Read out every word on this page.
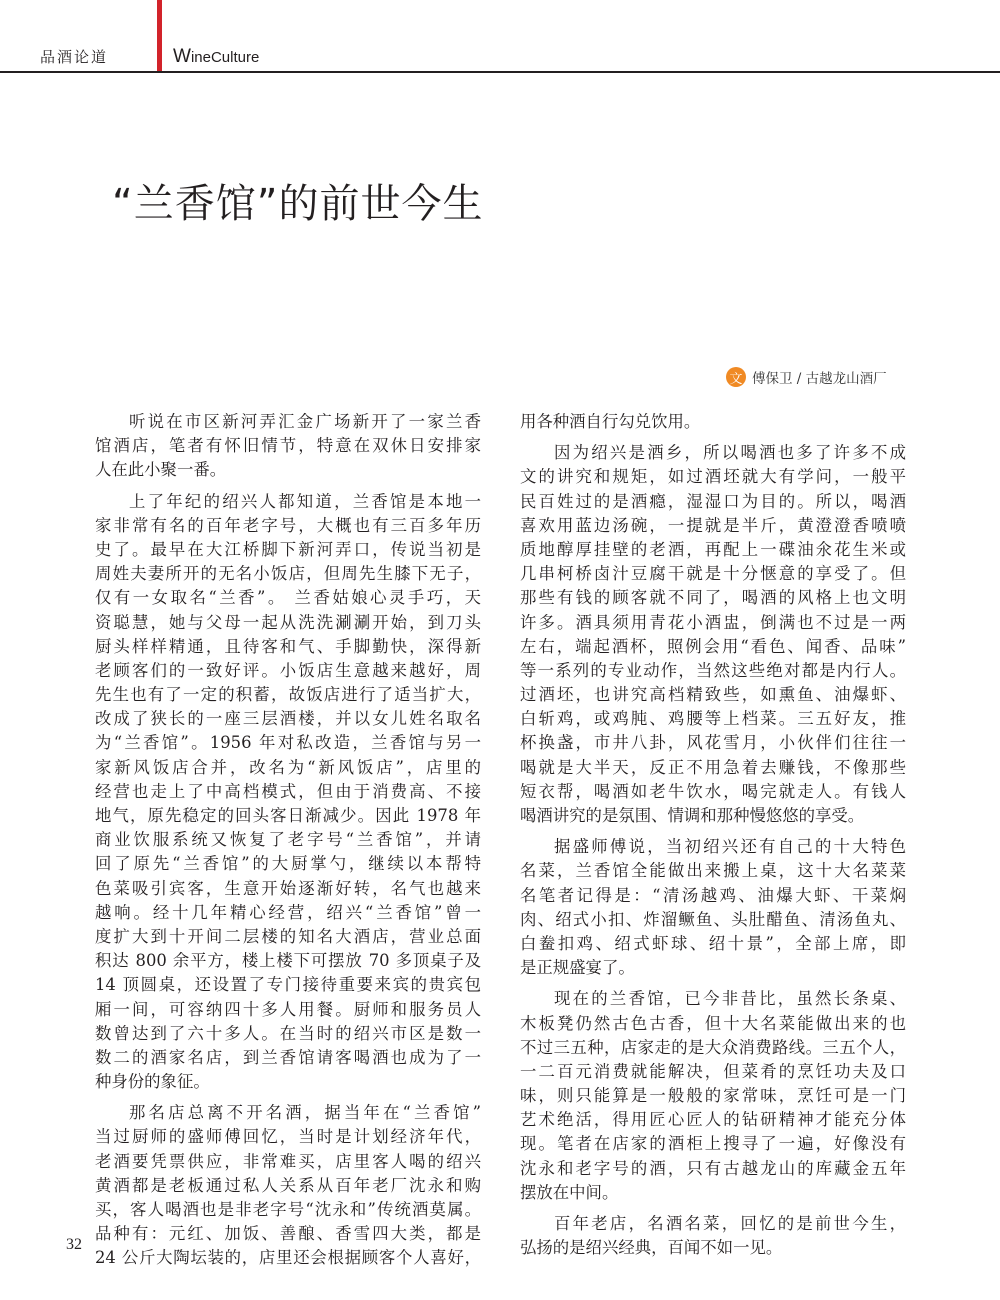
品酒论道	WineCulture
“兰香馆”的前世今生
文 傅保卫 / 古越龙山酒厂
听说在市区新河弄汇金广场新开了一家兰香
馆酒店，笔者有怀旧情节，特意在双休日安排家
人在此小聚一番。
上了年纪的绍兴人都知道，兰香馆是本地一
家非常有名的百年老字号，大概也有三百多年历
史了。最早在大江桥脚下新河弄口，传说当初是
周姓夫妻所开的无名小饭店，但周先生膝下无子，
仅有一女取名“兰香”。 兰香姑娘心灵手巧，天
资聪慧，她与父母一起从洗洗涮涮开始，到刀头
厨头样样精通，且待客和气、手脚勤快，深得新
老顾客们的一致好评。小饭店生意越来越好，周
先生也有了一定的积蓄，故饭店进行了适当扩大，
改成了狭长的一座三层酒楼，并以女儿姓名取名
为“兰香馆”。1956 年对私改造，兰香馆与另一
家新风饭店合并，改名为“新风饭店”，店里的
经营也走上了中高档模式，但由于消费高、不接
地气，原先稳定的回头客日渐减少。因此 1978 年
商业饮服系统又恢复了老字号“兰香馆”，并请
回了原先“兰香馆”的大厨掌勺，继续以本帮特
色菜吸引宾客，生意开始逐渐好转，名气也越来
越响。经十几年精心经营，绍兴“兰香馆”曾一
度扩大到十开间二层楼的知名大酒店，营业总面
积达 800 余平方，楼上楼下可摆放 70 多顶桌子及
14 顶圆桌，还设置了专门接待重要来宾的贵宾包
厢一间，可容纳四十多人用餐。厨师和服务员人
数曾达到了六十多人。在当时的绍兴市区是数一
数二的酒家名店，到兰香馆请客喝酒也成为了一
种身份的象征。
那名店总离不开名酒，据当年在“兰香馆”
当过厨师的盛师傅回忆，当时是计划经济年代，
老酒要凭票供应，非常难买，店里客人喝的绍兴
黄酒都是老板通过私人关系从百年老厂沈永和购
买，客人喝酒也是非老字号“沈永和”传统酒莫属。
品种有：元红、加饭、善酿、香雪四大类，都是
24 公斤大陶坛装的，店里还会根据顾客个人喜好，
用各种酒自行勾兑饮用。
因为绍兴是酒乡，所以喝酒也多了许多不成
文的讲究和规矩，如过酒坯就大有学问，一般平
民百姓过的是酒瘾，湿湿口为目的。所以，喝酒
喜欢用蓝边汤碗，一提就是半斤，黄澄澄香喷喷
质地醇厚挂壁的老酒，再配上一碟油氽花生米或
几串柯桥卤汁豆腐干就是十分惬意的享受了。但
那些有钱的顾客就不同了，喝酒的风格上也文明
许多。酒具须用青花小酒盅，倒满也不过是一两
左右，端起酒杯，照例会用“看色、闻香、品味”
等一系列的专业动作，当然这些绝对都是内行人。
过酒坯，也讲究高档精致些，如熏鱼、油爆虾、
白斩鸡，或鸡肫、鸡腰等上档菜。三五好友，推
杯换盏，市井八卦，风花雪月，小伙伴们往往一
喝就是大半天，反正不用急着去赚钱，不像那些
短衣帮，喝酒如老牛饮水，喝完就走人。有钱人
喝酒讲究的是氛围、情调和那种慢悠悠的享受。
据盛师傅说，当初绍兴还有自己的十大特色
名菜，兰香馆全能做出来搬上桌，这十大名菜菜
名笔者记得是：“清汤越鸡、油爆大虾、干菜焖
肉、绍式小扣、炸溜鳜鱼、头肚醋鱼、清汤鱼丸、
白鲞扣鸡、绍式虾球、绍十景”，全部上席，即
是正规盛宴了。
现在的兰香馆，已今非昔比，虽然长条桌、
木板凳仍然古色古香，但十大名菜能做出来的也
不过三五种，店家走的是大众消费路线。三五个人，
一二百元消费就能解决，但菜肴的烹饪功夫及口
味，则只能算是一般般的家常味，烹饪可是一门
艺术绝活，得用匠心匠人的钻研精神才能充分体
现。笔者在店家的酒柜上搜寻了一遍，好像没有
沈永和老字号的酒，只有古越龙山的库藏金五年
摆放在中间。
百年老店，名酒名菜，回忆的是前世今生，
弘扬的是绍兴经典，百闻不如一见。
32
